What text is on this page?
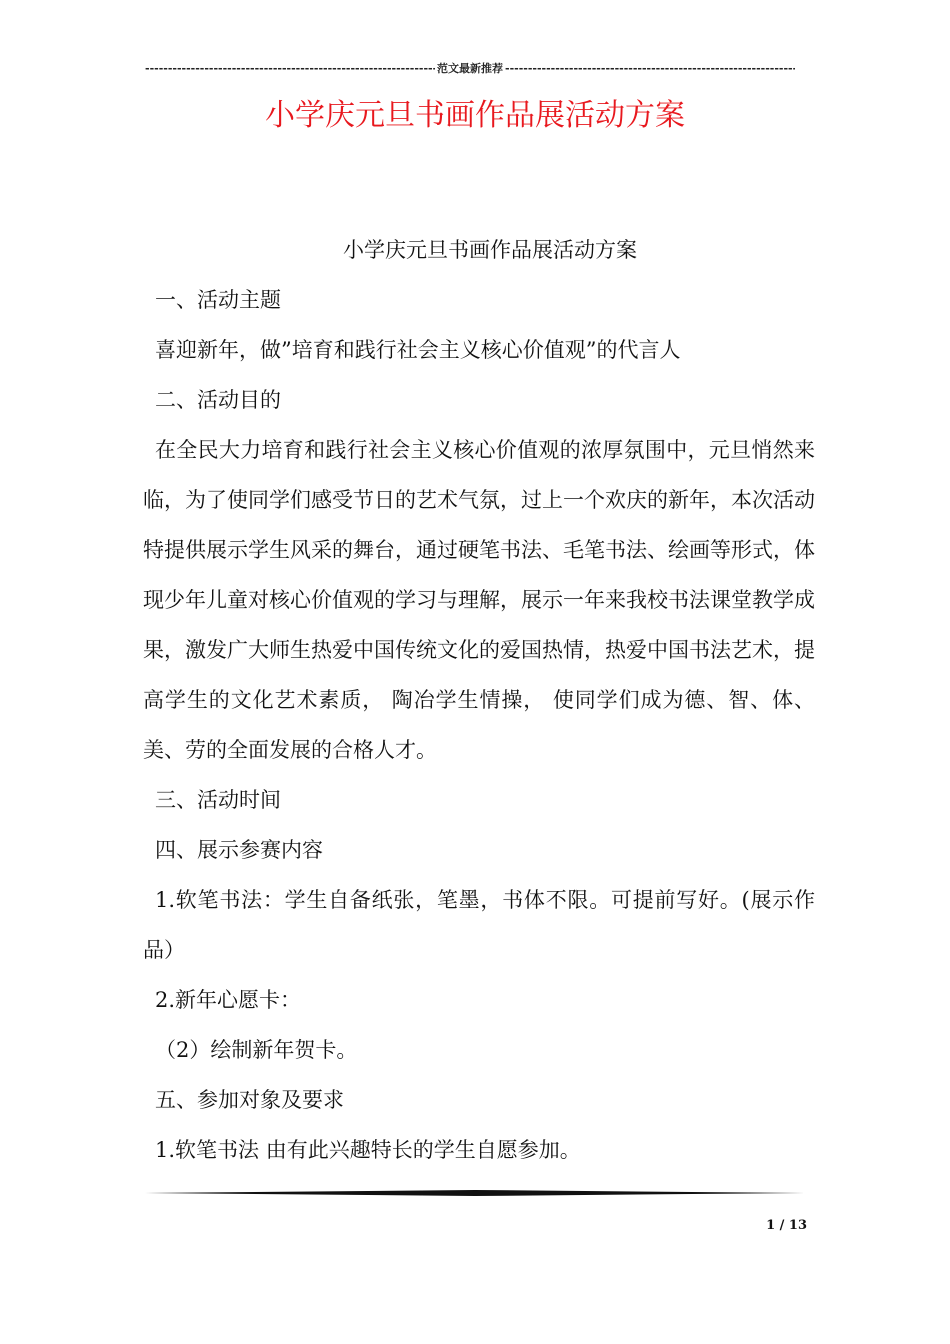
-----
范文最新推荐
-----
小学庆元旦书画作品展活动方案

小学庆元旦书画作品展活动方案

一、活动主题

喜迎新年，做”培育和践行社会主义核心价值观”的代言人

二、活动目的

在全民大力培育和践行社会主义核心价值观的浓厚氛围中，元旦悄然来临，为了使同学们感受节日的艺术气氛，过上一个欢庆的新年，本次活动特提供展示学生风采的舞台，通过硬笔书法、毛笔书法、绘画等形式，体现少年儿童对核心价值观的学习与理解，展示一年来我校书法课堂教学成果，激发广大师生热爱中国传统文化的爱国热情，热爱中国书法艺术，提高学生的文化艺术素质， 陶冶学生情操， 使同学们成为德、智、体、美、劳的全面发展的合格人才。

三、活动时间

四、展示参赛内容

1.软笔书法：学生自备纸张，笔墨，书体不限。可提前写好。(展示作品）

2.新年心愿卡：

（2）绘制新年贺卡。

五、参加对象及要求

1.软笔书法 由有此兴趣特长的学生自愿参加。

1 / 13
